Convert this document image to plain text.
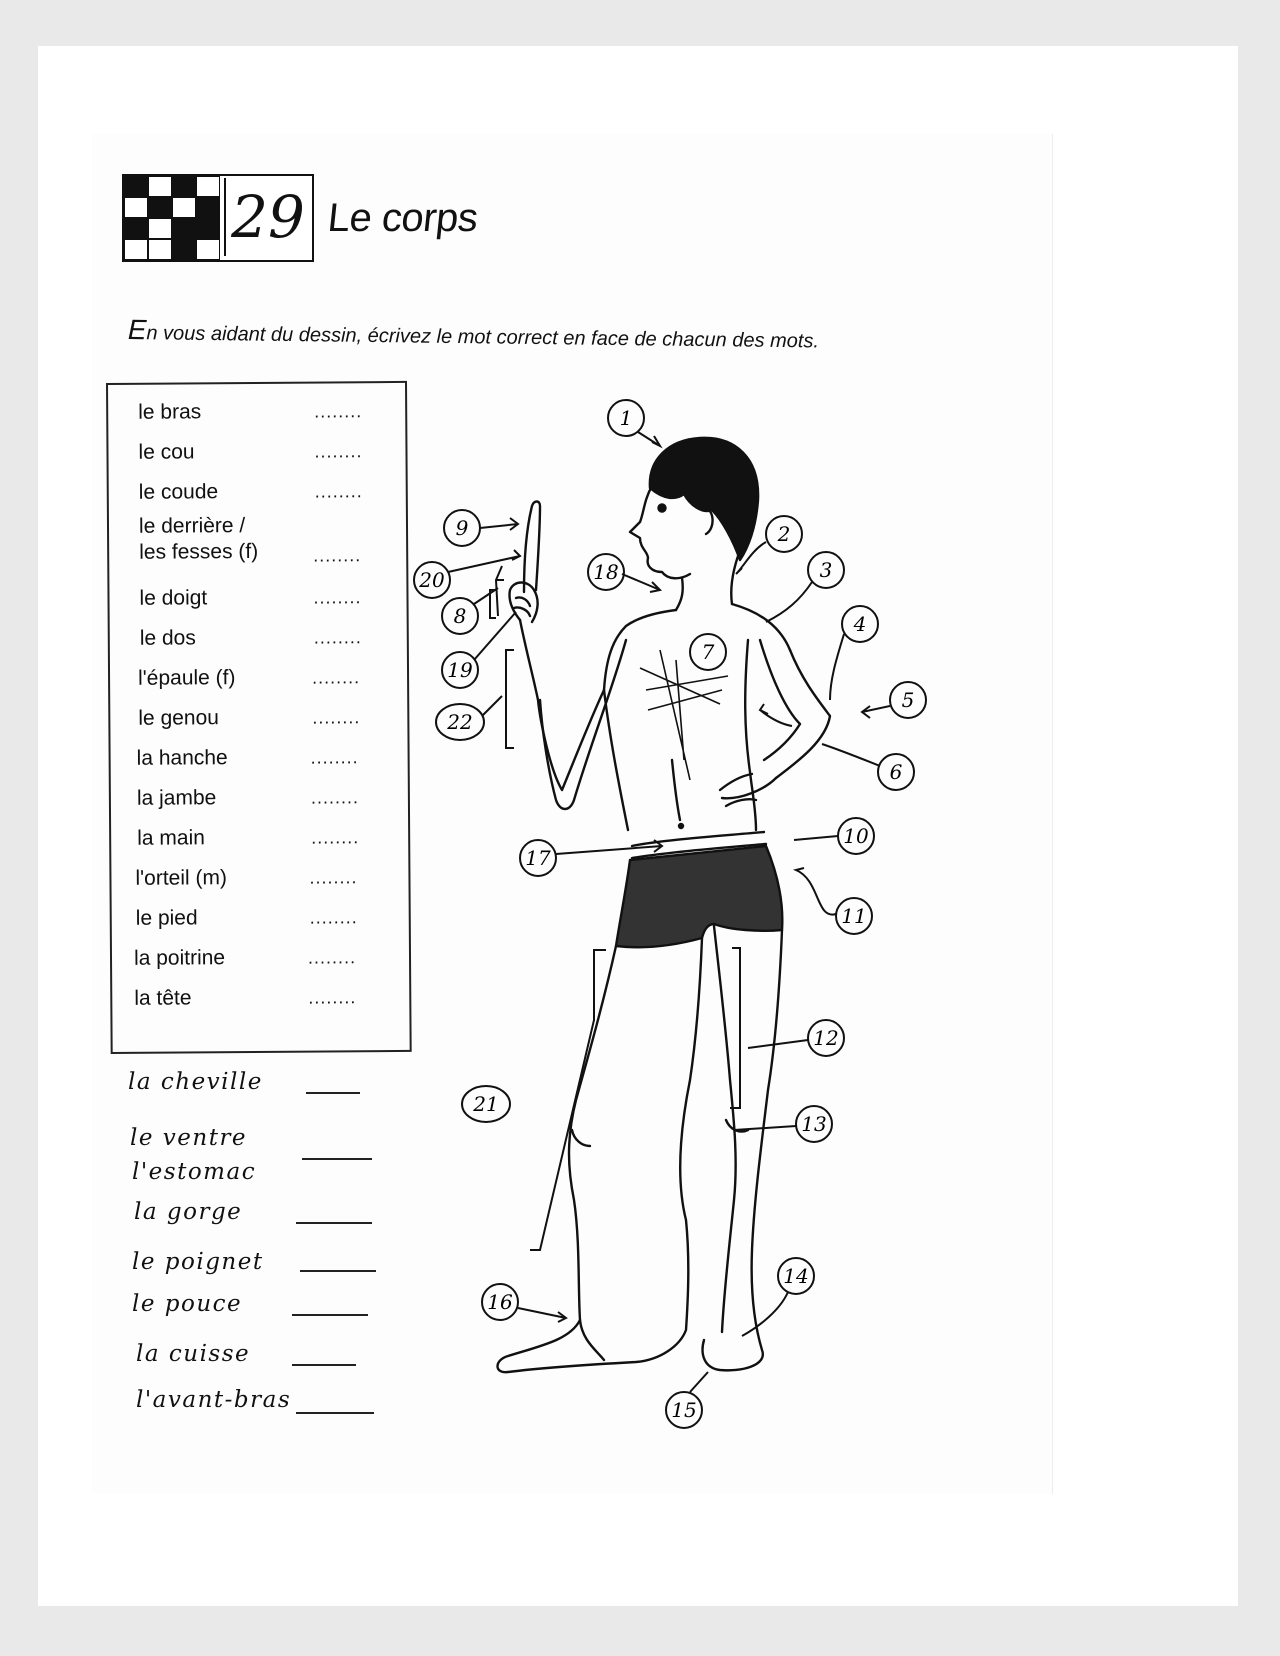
29 Le corps
En vous aidant du dessin, écrivez le mot correct en face de chacun des mots.
le bras	........
le cou	........
le coude	........
le derrière /
les fesses (f)	........
le doigt	........
le dos	........
l'épaule (f)	........
le genou	........
la hanche	........
la jambe	........
la main	........
l'orteil (m)	........
le pied	........
la poitrine	........
la tête	........
la cheville
le ventre
l'estomac
la gorge
le poignet
le pouce
la cuisse
l'avant-bras
1
2
3
4
5
6
7
8
9
10
11
12
13
14
15
16
17
18
19
20
21
22
